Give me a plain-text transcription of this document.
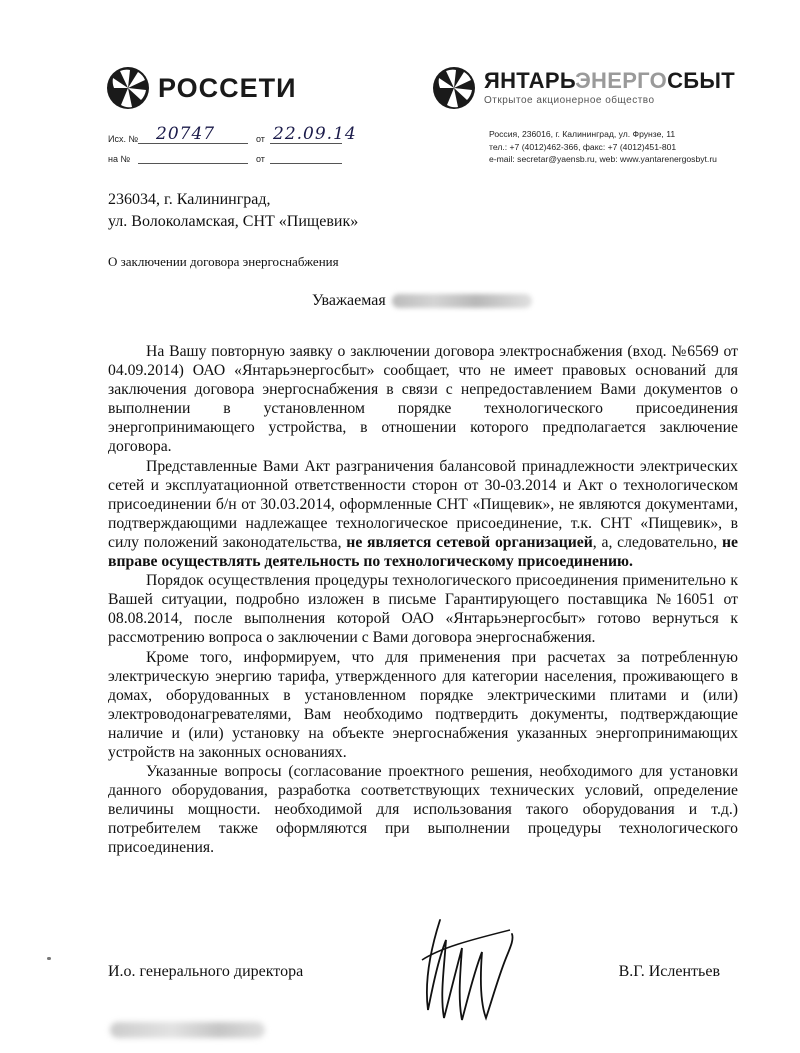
РОССЕТИ	ЯНТАРЬЭНЕРГОСБЫТ
Открытое акционерное общество
Исх. № 20747	от 22.09.14
на №	от
Россия, 236016, г. Калининград, ул. Фрунзе, 11
тел.: +7 (4012)462-366, факс: +7 (4012)451-801
e-mail: secretar@yaensb.ru, web: www.yantarenergosbyt.ru
236034, г. Калининград,
ул. Волоколамская, СНТ «Пищевик»
О заключении договора энергоснабжения
Уважаемая

На Вашу повторную заявку о заключении договора электроснабжения (вход. №6569 от 04.09.2014) ОАО «Янтарьэнергосбыт» сообщает, что не имеет правовых оснований для заключения договора энергоснабжения в связи с непредоставлением Вами документов о выполнении в установленном порядке технологического присоединения энергопринимающего устройства, в отношении которого предполагается заключение договора.

Представленные Вами Акт разграничения балансовой принадлежности электрических сетей и эксплуатационной ответственности сторон от 30-03.2014 и Акт о технологическом присоединении б/н от 30.03.2014, оформленные СНТ «Пищевик», не являются документами, подтверждающими надлежащее технологическое присоединение, т.к. СНТ «Пищевик», в силу положений законодательства, не является сетевой организацией, а, следовательно, не вправе осуществлять деятельность по технологическому присоединению.

Порядок осуществления процедуры технологического присоединения применительно к Вашей ситуации, подробно изложен в письме Гарантирующего поставщика №16051 от 08.08.2014, после выполнения которой ОАО «Янтарьэнергосбыт» готово вернуться к рассмотрению вопроса о заключении с Вами договора энергоснабжения.

Кроме того, информируем, что для применения при расчетах за потребленную электрическую энергию тарифа, утвержденного для категории населения, проживающего в домах, оборудованных в установленном порядке электрическими плитами и (или) электроводонагревателями, Вам необходимо подтвердить документы, подтверждающие наличие и (или) установку на объекте энергоснабжения указанных энергопринимающих устройств на законных основаниях.

Указанные вопросы (согласование проектного решения, необходимого для установки данного оборудования, разработка соответствующих технических условий, определение величины мощности. необходимой для использования такого оборудования и т.д.) потребителем также оформляются при выполнении процедуры технологического присоединения.

И.о. генерального директора	В.Г. Ислентьев
